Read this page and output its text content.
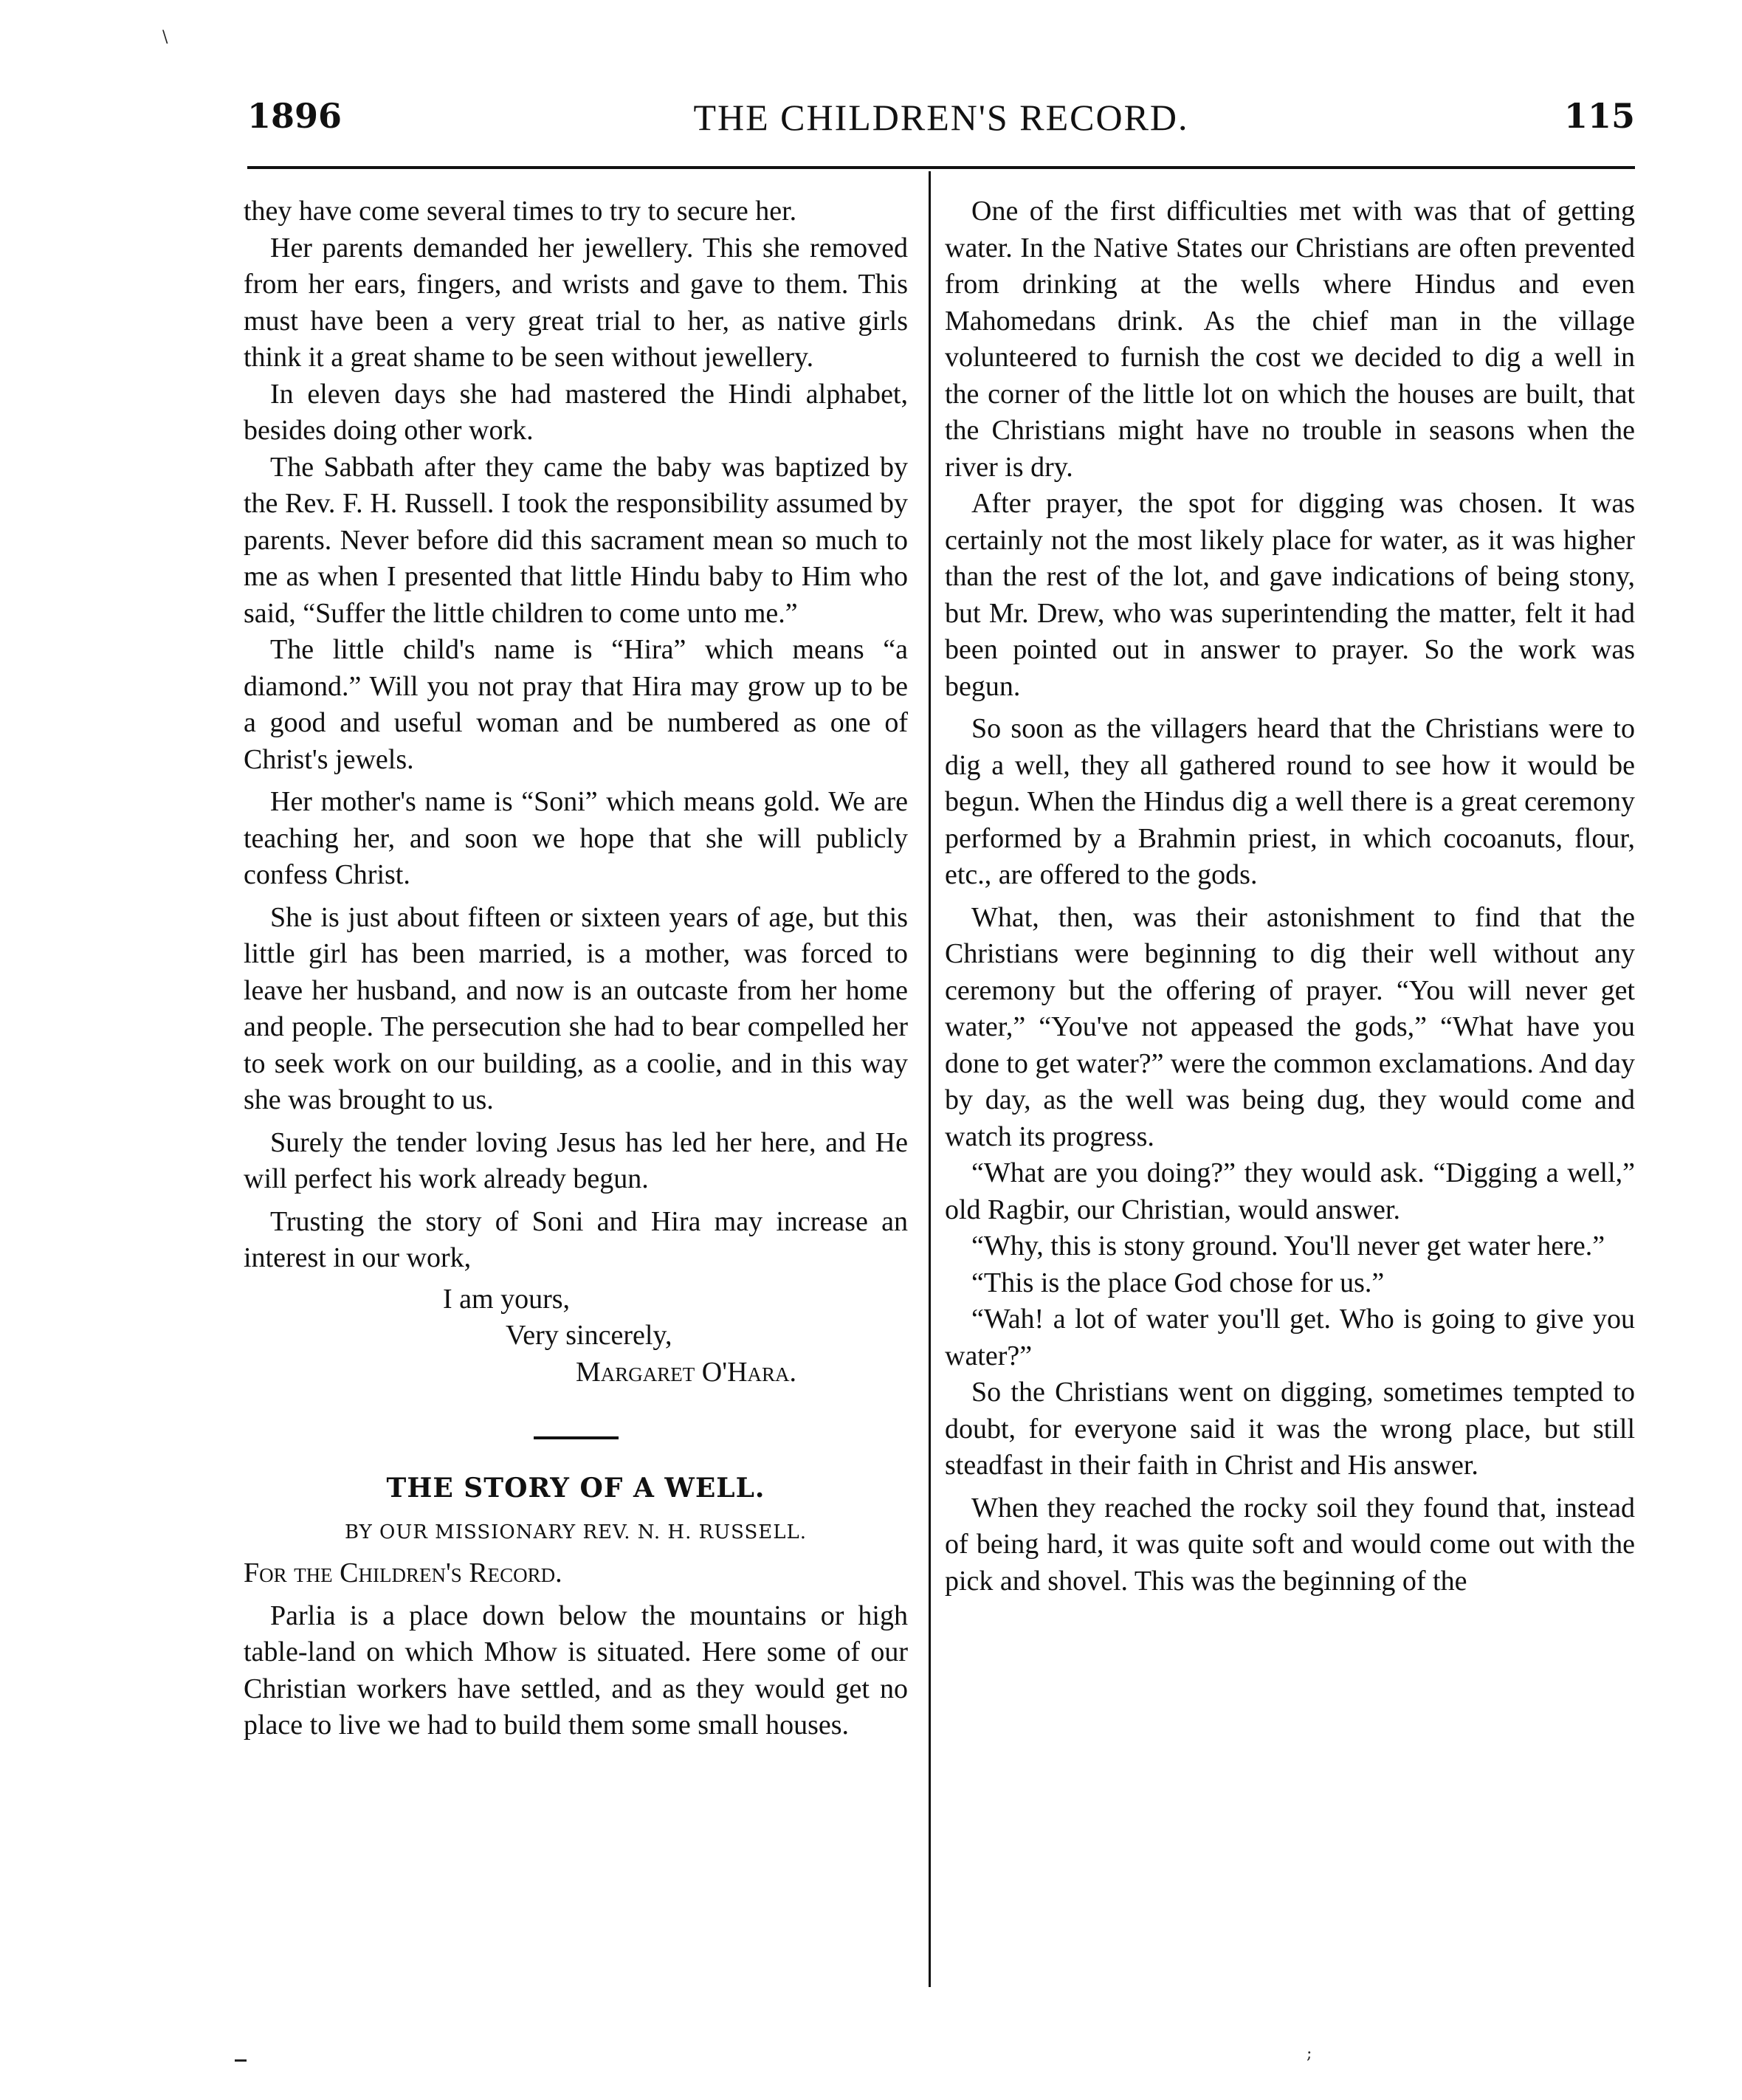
1896	THE CHILDREN'S RECORD.	115

they have come several times to try to secure her.

Her parents demanded her jewellery. This she removed from her ears, fingers, and wrists and gave to them. This must have been a very great trial to her, as native girls think it a great shame to be seen without jewellery.

In eleven days she had mastered the Hindi alphabet, besides doing other work.

The Sabbath after they came the baby was baptized by the Rev. F. H. Russell. I took the responsibility assumed by parents. Never before did this sacrament mean so much to me as when I presented that little Hindu baby to Him who said, “Suffer the little children to come unto me.”

The little child's name is “Hira” which means “a diamond.” Will you not pray that Hira may grow up to be a good and useful woman and be numbered as one of Christ's jewels.

Her mother's name is “Soni” which means gold. We are teaching her, and soon we hope that she will publicly confess Christ.

She is just about fifteen or sixteen years of age, but this little girl has been married, is a mother, was forced to leave her husband, and now is an outcaste from her home and people. The persecution she had to bear compelled her to seek work on our building, as a coolie, and in this way she was brought to us.

Surely the tender loving Jesus has led her here, and He will perfect his work already begun.

Trusting the story of Soni and Hira may increase an interest in our work,

I am yours,
Very sincerely,
Margaret O'Hara.
THE STORY OF A WELL.
BY OUR MISSIONARY REV. N. H. RUSSELL.

For the Children's Record.

Parlia is a place down below the mountains or high table-land on which Mhow is situated. Here some of our Christian workers have settled, and as they would get no place to live we had to build them some small houses.

One of the first difficulties met with was that of getting water. In the Native States our Christians are often prevented from drinking at the wells where Hindus and even Mahomedans drink. As the chief man in the village volunteered to furnish the cost we decided to dig a well in the corner of the little lot on which the houses are built, that the Christians might have no trouble in seasons when the river is dry.

After prayer, the spot for digging was chosen. It was certainly not the most likely place for water, as it was higher than the rest of the lot, and gave indications of being stony, but Mr. Drew, who was superintending the matter, felt it had been pointed out in answer to prayer. So the work was begun.

So soon as the villagers heard that the Christians were to dig a well, they all gathered round to see how it would be begun. When the Hindus dig a well there is a great ceremony performed by a Brahmin priest, in which cocoanuts, flour, etc., are offered to the gods.

What, then, was their astonishment to find that the Christians were beginning to dig their well without any ceremony but the offering of prayer. “You will never get water,” “You've not appeased the gods,” “What have you done to get water?” were the common exclamations. And day by day, as the well was being dug, they would come and watch its progress.

“What are you doing?” they would ask. “Digging a well,” old Ragbir, our Christian, would answer.

“Why, this is stony ground. You'll never get water here.”

“This is the place God chose for us.”

“Wah! a lot of water you'll get. Who is going to give you water?”

So the Christians went on digging, sometimes tempted to doubt, for everyone said it was the wrong place, but still steadfast in their faith in Christ and His answer.

When they reached the rocky soil they found that, instead of being hard, it was quite soft and would come out with the pick and shovel. This was the beginning of the

\
;
